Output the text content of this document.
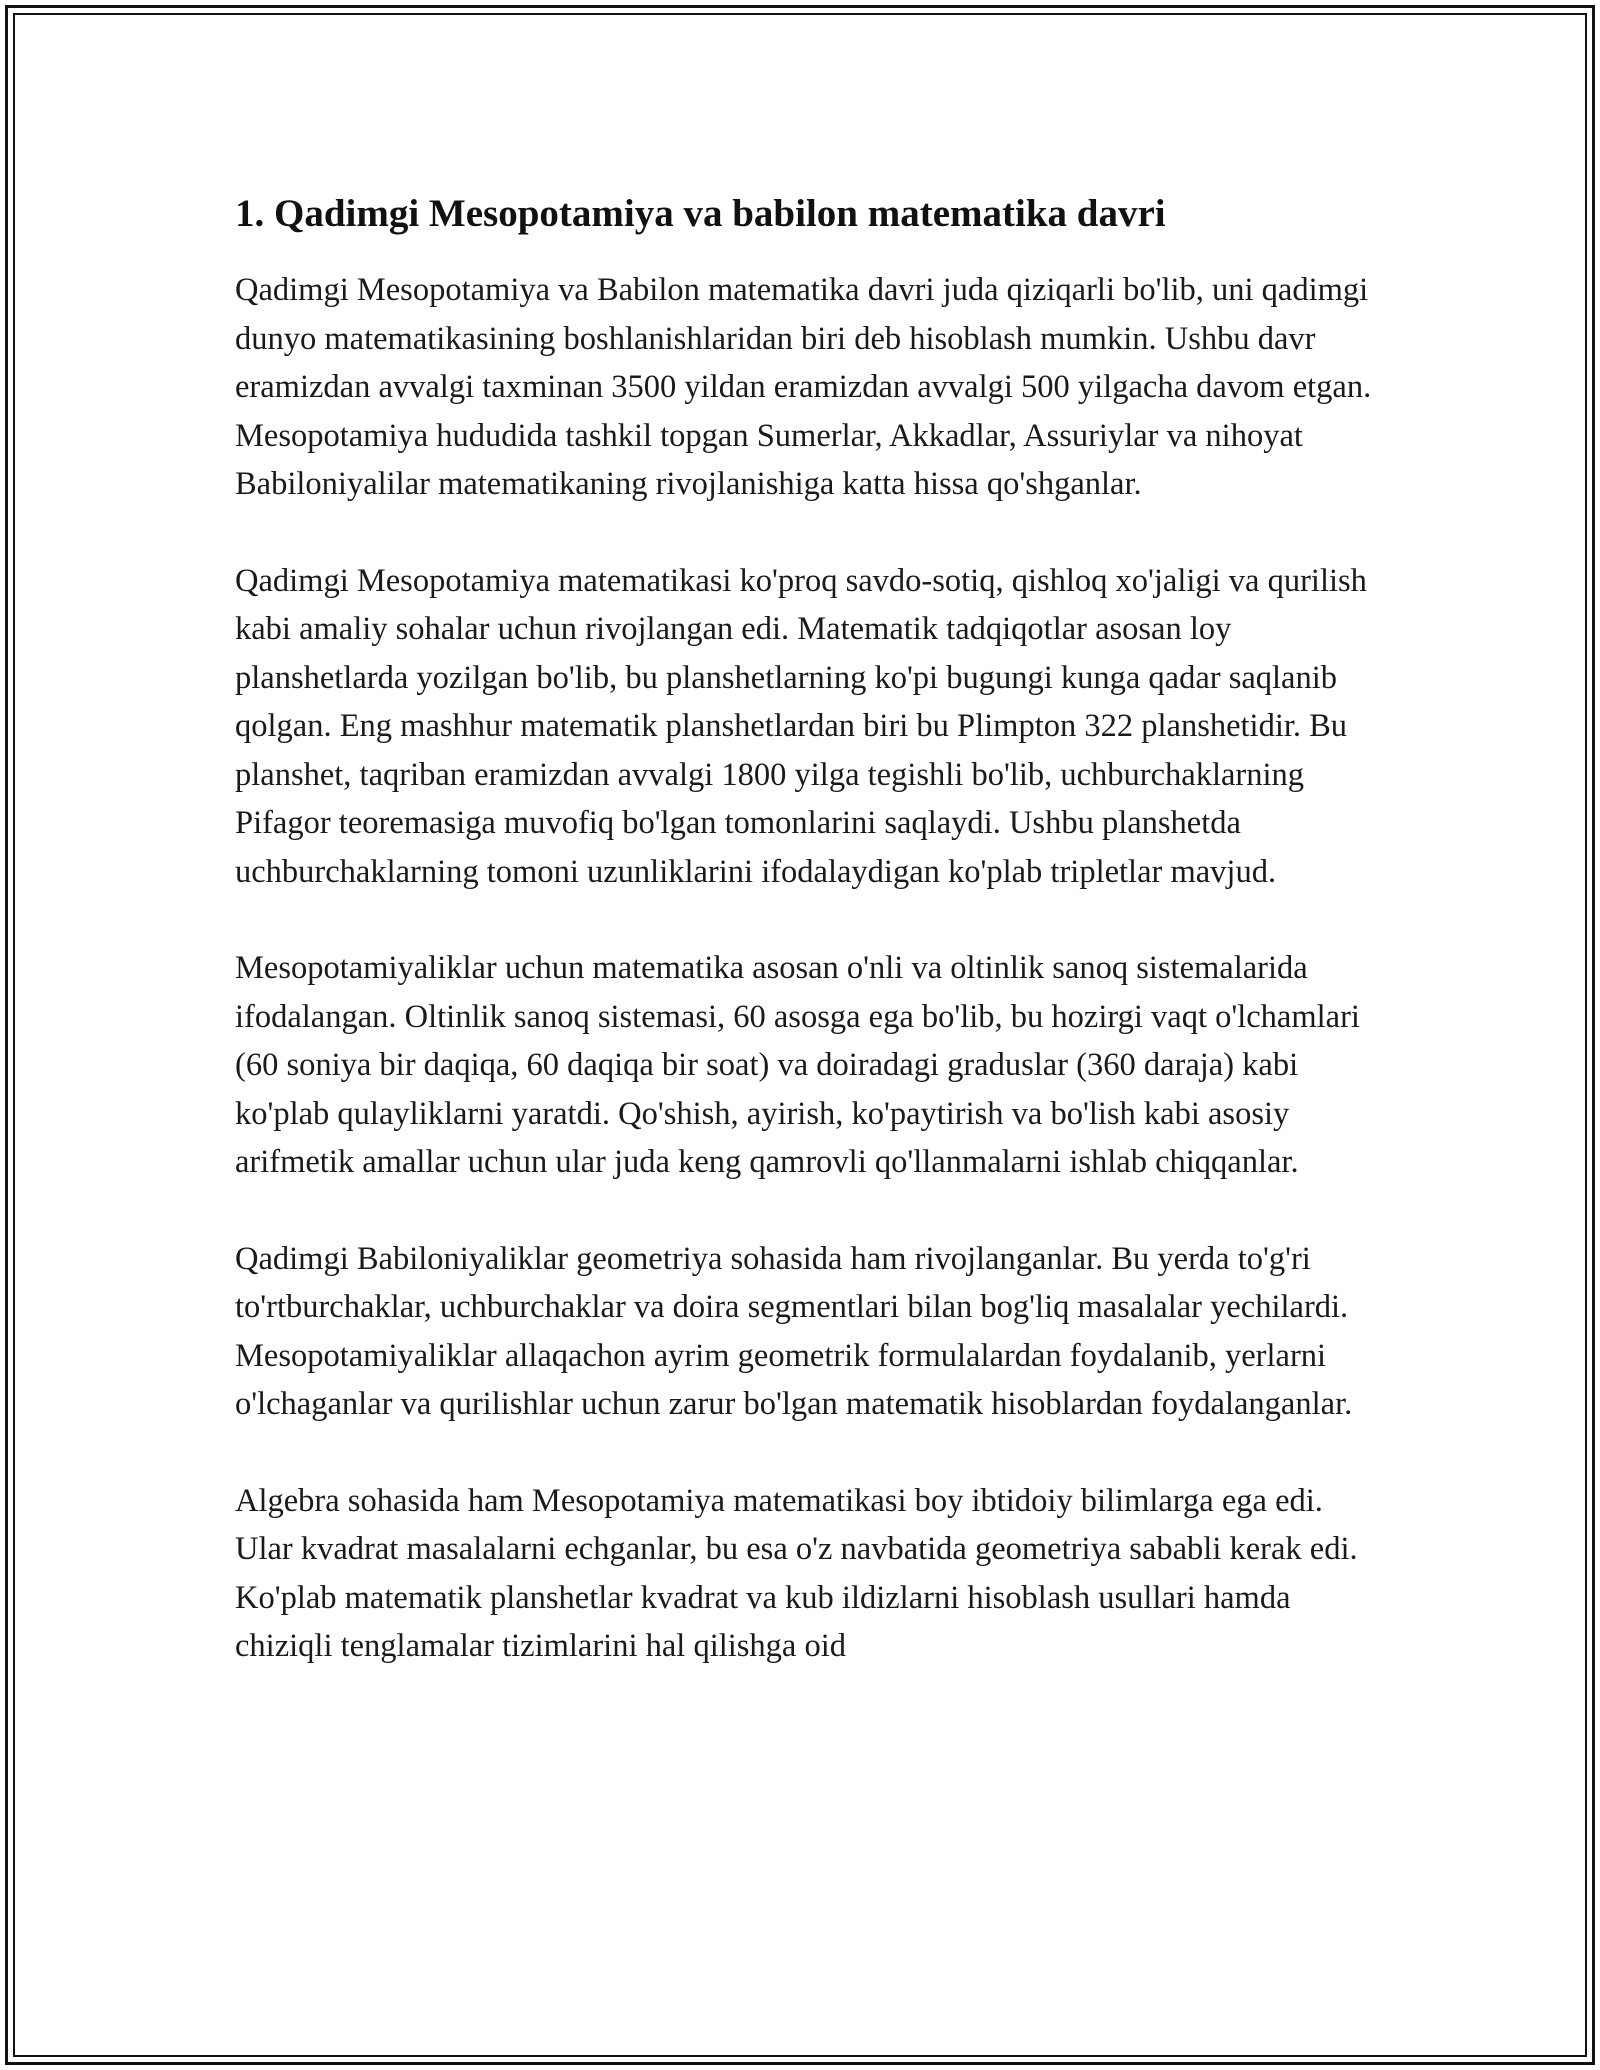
1. Qadimgi Mesopotamiya va babilon matematika davri

Qadimgi Mesopotamiya va Babilon matematika davri juda qiziqarli bo'lib, uni qadimgi dunyo matematikasining boshlanishlaridan biri deb hisoblash mumkin. Ushbu davr eramizdan avvalgi taxminan 3500 yildan eramizdan avvalgi 500 yilgacha davom etgan. Mesopotamiya hududida tashkil topgan Sumerlar, Akkadlar, Assuriylar va nihoyat Babiloniyalilar matematikaning rivojlanishiga katta hissa qo'shganlar.

Qadimgi Mesopotamiya matematikasi ko'proq savdo-sotiq, qishloq xo'jaligi va qurilish kabi amaliy sohalar uchun rivojlangan edi. Matematik tadqiqotlar asosan loy planshetlarda yozilgan bo'lib, bu planshetlarning ko'pi bugungi kunga qadar saqlanib qolgan. Eng mashhur matematik planshetlardan biri bu Plimpton 322 planshetidir. Bu planshet, taqriban eramizdan avvalgi 1800 yilga tegishli bo'lib, uchburchaklarning Pifagor teoremasiga muvofiq bo'lgan tomonlarini saqlaydi. Ushbu planshetda uchburchaklarning tomoni uzunliklarini ifodalaydigan ko'plab tripletlar mavjud.

Mesopotamiyaliklar uchun matematika asosan o'nli va oltinlik sanoq sistemalarida ifodalangan. Oltinlik sanoq sistemasi, 60 asosga ega bo'lib, bu hozirgi vaqt o'lchamlari (60 soniya bir daqiqa, 60 daqiqa bir soat) va doiradagi graduslar (360 daraja) kabi ko'plab qulayliklarni yaratdi. Qo'shish, ayirish, ko'paytirish va bo'lish kabi asosiy arifmetik amallar uchun ular juda keng qamrovli qo'llanmalarni ishlab chiqqanlar.

Qadimgi Babiloniyaliklar geometriya sohasida ham rivojlanganlar. Bu yerda to'g'ri to'rtburchaklar, uchburchaklar va doira segmentlari bilan bog'liq masalalar yechilardi. Mesopotamiyaliklar allaqachon ayrim geometrik formulalardan foydalanib, yerlarni o'lchaganlar va qurilishlar uchun zarur bo'lgan matematik hisoblardan foydalanganlar.

Algebra sohasida ham Mesopotamiya matematikasi boy ibtidoiy bilimlarga ega edi. Ular kvadrat masalalarni echganlar, bu esa o'z navbatida geometriya sababli kerak edi. Ko'plab matematik planshetlar kvadrat va kub ildizlarni hisoblash usullari hamda chiziqli tenglamalar tizimlarini hal qilishga oid
